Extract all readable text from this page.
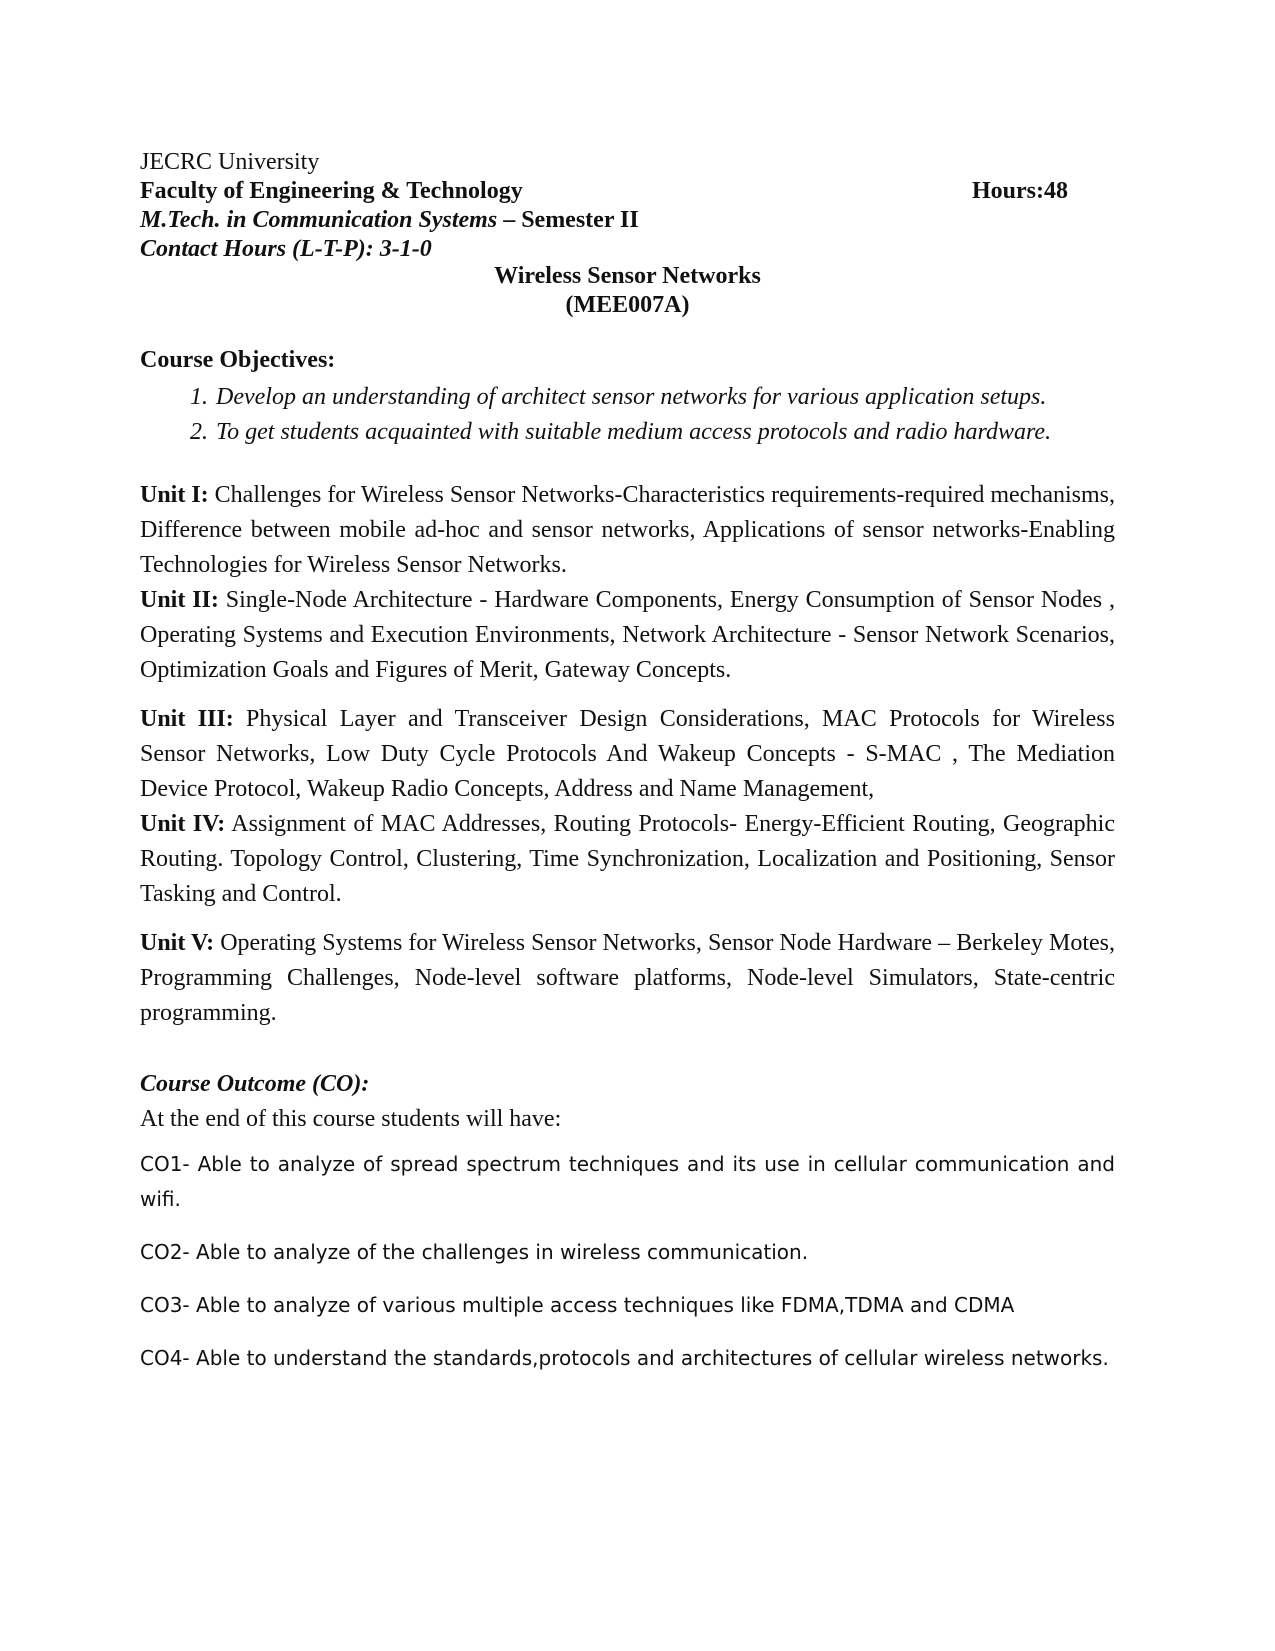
JECRC University

Faculty of Engineering & Technology	Hours:48

M.Tech. in Communication Systems – Semester II

Contact Hours (L-T-P): 3-1-0

Wireless Sensor Networks

(MEE007A)

Course Objectives:

1. Develop an understanding of architect sensor networks for various application setups.
2. To get students acquainted with suitable medium access protocols and radio hardware.

Unit I: Challenges for Wireless Sensor Networks-Characteristics requirements-required mechanisms, Difference between mobile ad-hoc and sensor networks, Applications of sensor networks-Enabling Technologies for Wireless Sensor Networks.

Unit II: Single-Node Architecture - Hardware Components, Energy Consumption of Sensor Nodes , Operating Systems and Execution Environments, Network Architecture - Sensor Network Scenarios, Optimization Goals and Figures of Merit, Gateway Concepts.

Unit III: Physical Layer and Transceiver Design Considerations, MAC Protocols for Wireless Sensor Networks, Low Duty Cycle Protocols And Wakeup Concepts - S-MAC , The Mediation Device Protocol, Wakeup Radio Concepts, Address and Name Management,

Unit IV: Assignment of MAC Addresses, Routing Protocols- Energy-Efficient Routing, Geographic Routing. Topology Control, Clustering, Time Synchronization, Localization and Positioning, Sensor Tasking and Control.

Unit V: Operating Systems for Wireless Sensor Networks, Sensor Node Hardware – Berkeley Motes, Programming Challenges, Node-level software platforms, Node-level Simulators, State-centric programming.

Course Outcome (CO):

At the end of this course students will have:

CO1- Able to analyze of spread spectrum techniques and its use in cellular communication and wifi.

CO2- Able to analyze of the challenges in wireless communication.

CO3- Able to analyze of various multiple access techniques like FDMA,TDMA and CDMA

CO4- Able to understand the standards,protocols and architectures of cellular wireless networks.
